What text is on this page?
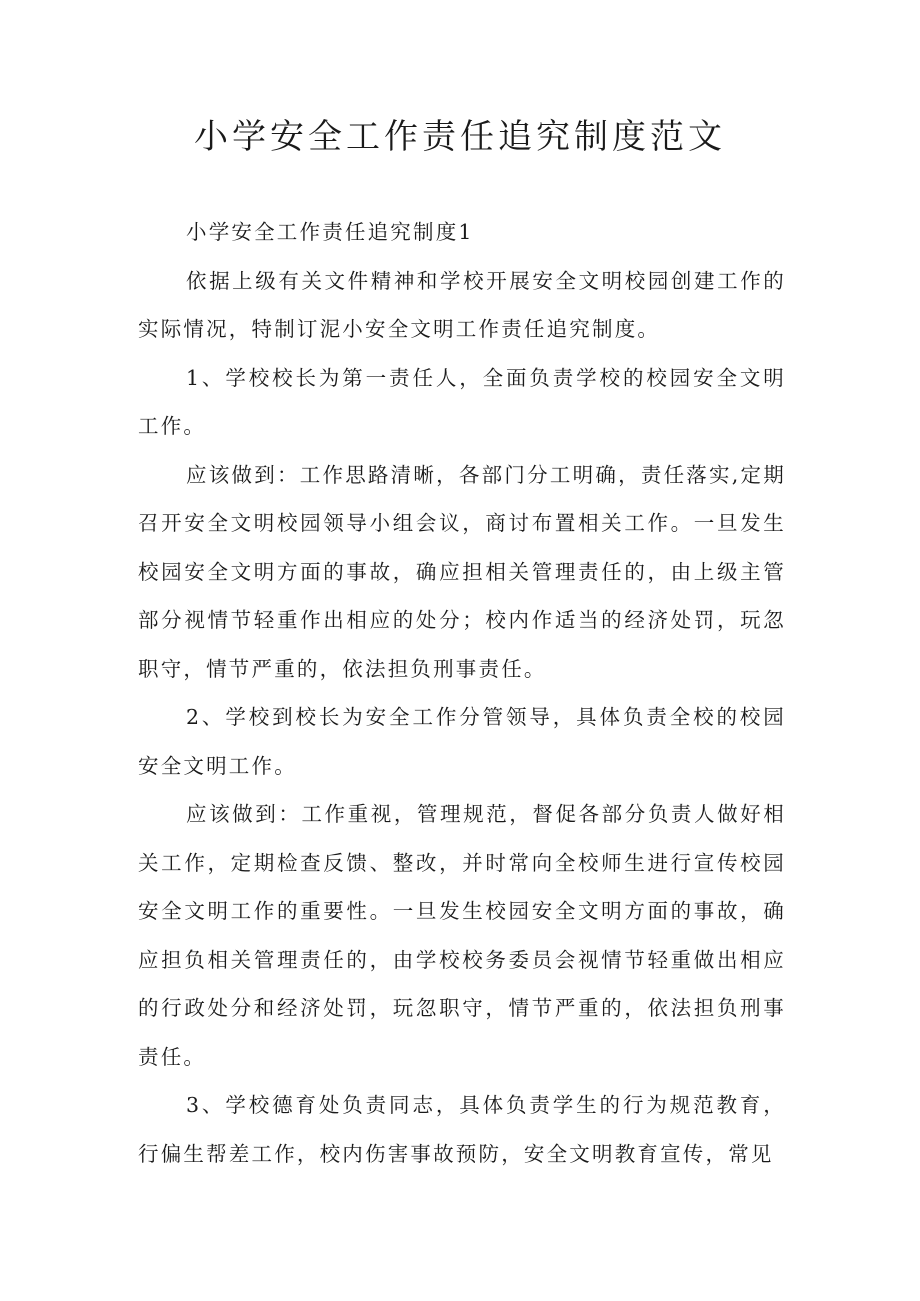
小学安全工作责任追究制度范文

小学安全工作责任追究制度1

依据上级有关文件精神和学校开展安全文明校园创建工作的实际情况，特制订泥小安全文明工作责任追究制度。

1、学校校长为第一责任人，全面负责学校的校园安全文明工作。

应该做到：工作思路清晰，各部门分工明确，责任落实,定期召开安全文明校园领导小组会议，商讨布置相关工作。一旦发生校园安全文明方面的事故，确应担相关管理责任的，由上级主管部分视情节轻重作出相应的处分；校内作适当的经济处罚，玩忽职守，情节严重的，依法担负刑事责任。

2、学校到校长为安全工作分管领导，具体负责全校的校园安全文明工作。

应该做到：工作重视，管理规范，督促各部分负责人做好相关工作，定期检查反馈、整改，并时常向全校师生进行宣传校园安全文明工作的重要性。一旦发生校园安全文明方面的事故，确应担负相关管理责任的，由学校校务委员会视情节轻重做出相应的行政处分和经济处罚，玩忽职守，情节严重的，依法担负刑事责任。

3、学校德育处负责同志，具体负责学生的行为规范教育，行偏生帮差工作，校内伤害事故预防，安全文明教育宣传，常见
